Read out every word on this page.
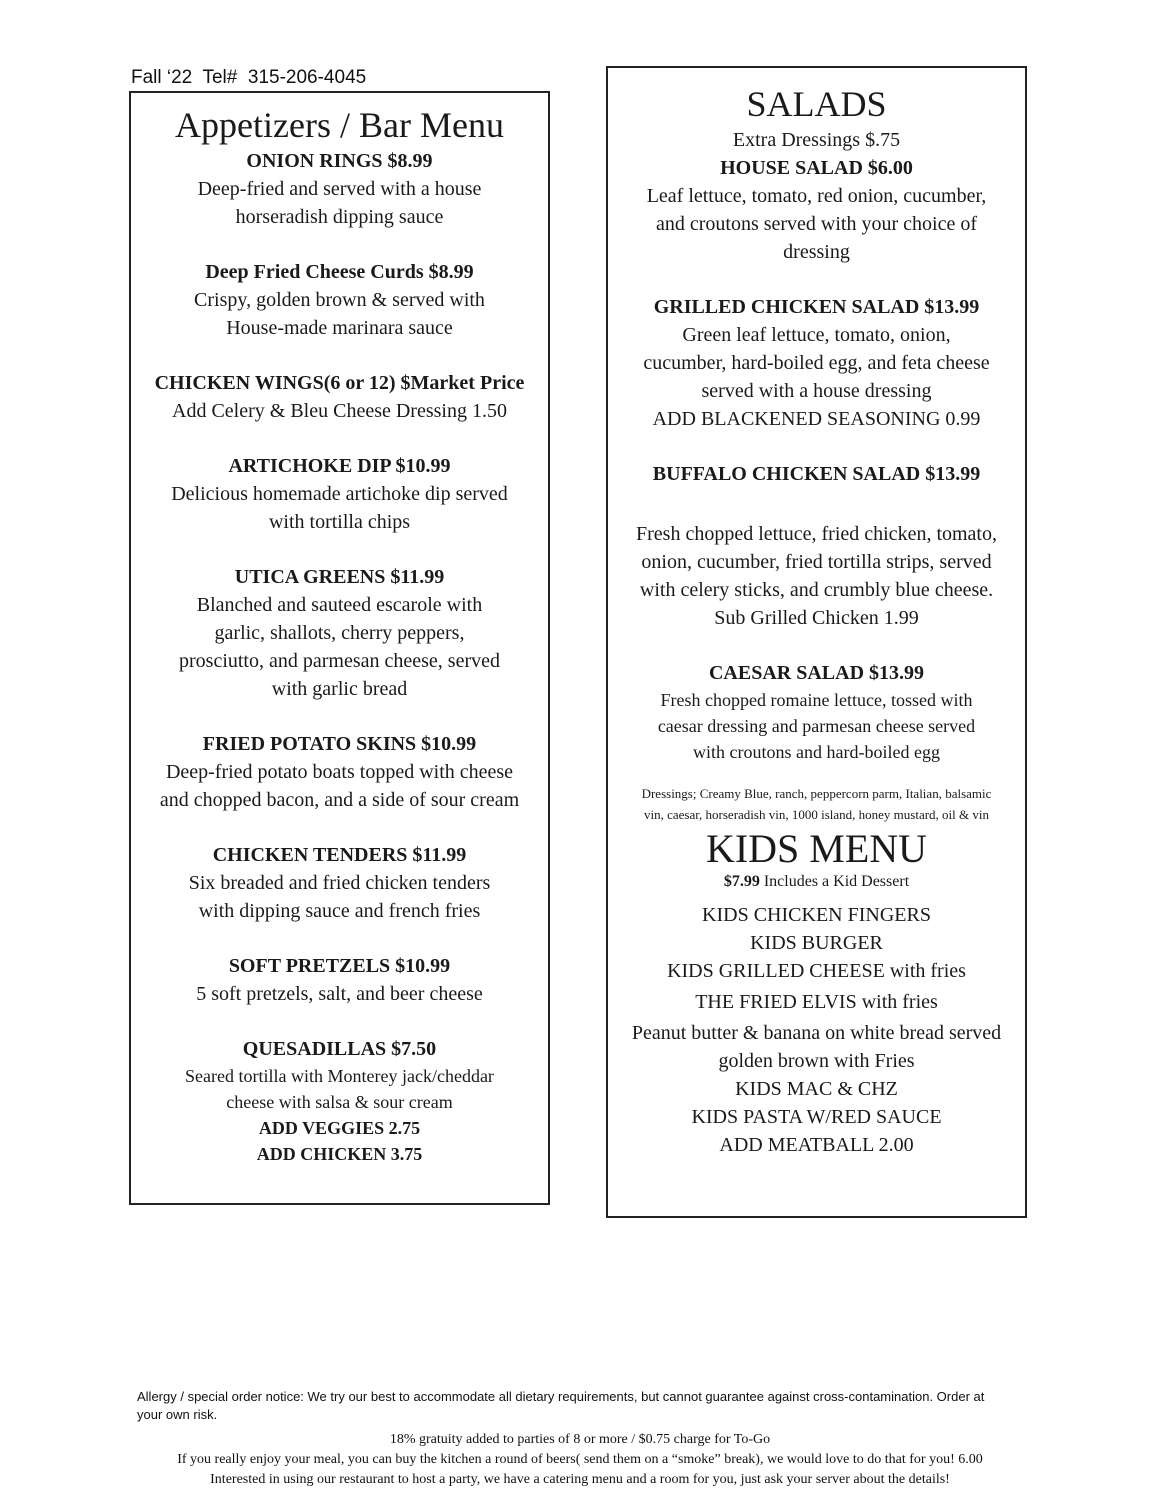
Fall ‘22  Tel#  315-206-4045
Appetizers / Bar Menu
ONION RINGS $8.99
Deep-fried and served with a house
horseradish dipping sauce
Deep Fried Cheese Curds $8.99
Crispy, golden brown & served with
House-made marinara sauce
CHICKEN WINGS(6 or 12) $Market Price
Add Celery & Bleu Cheese Dressing 1.50
ARTICHOKE DIP $10.99
Delicious homemade artichoke dip served
with tortilla chips
UTICA GREENS $11.99
Blanched and sauteed escarole with
garlic, shallots, cherry peppers,
prosciutto, and parmesan cheese, served
with garlic bread
FRIED POTATO SKINS $10.99
Deep-fried potato boats topped with cheese
and chopped bacon, and a side of sour cream
CHICKEN TENDERS $11.99
Six breaded and fried chicken tenders
with dipping sauce and french fries
SOFT PRETZELS $10.99
5 soft pretzels, salt, and beer cheese
QUESADILLAS $7.50
Seared tortilla with Monterey jack/cheddar
cheese with salsa & sour cream
ADD VEGGIES 2.75
ADD CHICKEN 3.75
SALADS
Extra Dressings $.75
HOUSE SALAD $6.00
Leaf lettuce, tomato, red onion, cucumber,
and croutons served with your choice of
dressing
GRILLED CHICKEN SALAD $13.99
Green leaf lettuce, tomato, onion,
cucumber, hard-boiled egg, and feta cheese
served with a house dressing
ADD BLACKENED SEASONING 0.99
BUFFALO CHICKEN SALAD $13.99
Fresh chopped lettuce, fried chicken, tomato,
onion, cucumber, fried tortilla strips, served
with celery sticks, and crumbly blue cheese.
Sub Grilled Chicken 1.99
CAESAR SALAD $13.99
Fresh chopped romaine lettuce, tossed with
caesar dressing and parmesan cheese served
with croutons and hard-boiled egg
Dressings; Creamy Blue, ranch, peppercorn parm, Italian, balsamic
vin, caesar, horseradish vin, 1000 island, honey mustard, oil & vin
KIDS MENU
$7.99 Includes a Kid Dessert
KIDS CHICKEN FINGERS
KIDS BURGER
KIDS GRILLED CHEESE with fries
THE FRIED ELVIS with fries
Peanut butter & banana on white bread served
golden brown with Fries
KIDS MAC & CHZ
KIDS PASTA W/RED SAUCE
ADD MEATBALL 2.00
Allergy / special order notice: We try our best to accommodate all dietary requirements, but cannot guarantee against cross-contamination. Order at your own risk.
18% gratuity added to parties of 8 or more / $0.75 charge for To-Go
If you really enjoy your meal, you can buy the kitchen a round of beers( send them on a “smoke” break), we would love to do that for you! 6.00
Interested in using our restaurant to host a party, we have a catering menu and a room for you, just ask your server about the details!
